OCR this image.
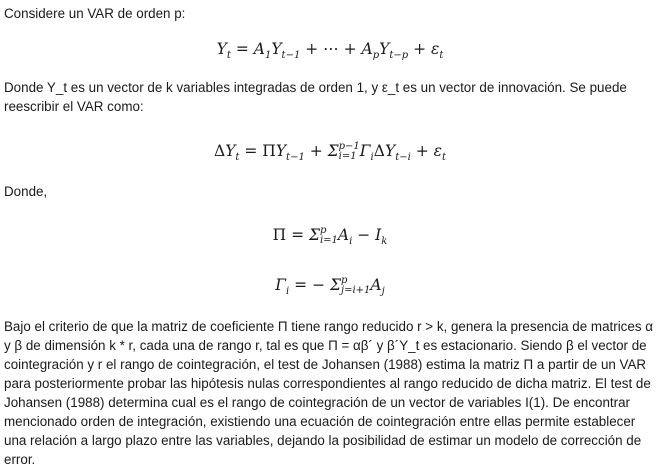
Considere un VAR de orden p:

$Y_t = A_1Y_{t-1}$ + ⋯ + $A_pY_{t-p} + \varepsilon_t$

Donde Y_t es un vector de k variables integradas de orden 1, y ε_t es un vector de innovación. Se puede reescribir el VAR como:

$\Delta Y_t = \Pi Y_{t-1} + \Sigma$ p−1
i=1 $\Gamma_i\Delta Y_{t-i} + \varepsilon_t$

Donde,

Π = Σ p
i=1 $A_i - I_k$
$\Gamma_i$ = − Σ p
j=i+1 $A_j$

Bajo el criterio de que la matriz de coeficiente Π tiene rango reducido r > k, genera la presencia de matrices α y β de dimensión k * r, cada una de rango r, tal es que Π = αβ´ y β´Y_t es estacionario. Siendo β el vector de cointegración y r el rango de cointegración, el test de Johansen (1988) estima la matriz Π a partir de un VAR para posteriormente probar las hipótesis nulas correspondientes al rango reducido de dicha matriz. El test de Johansen (1988) determina cual es el rango de cointegración de un vector de variables I(1). De encontrar mencionado orden de integración, existiendo una ecuación de cointegración entre ellas permite establecer una relación a largo plazo entre las variables, dejando la posibilidad de estimar un modelo de corrección de error.
